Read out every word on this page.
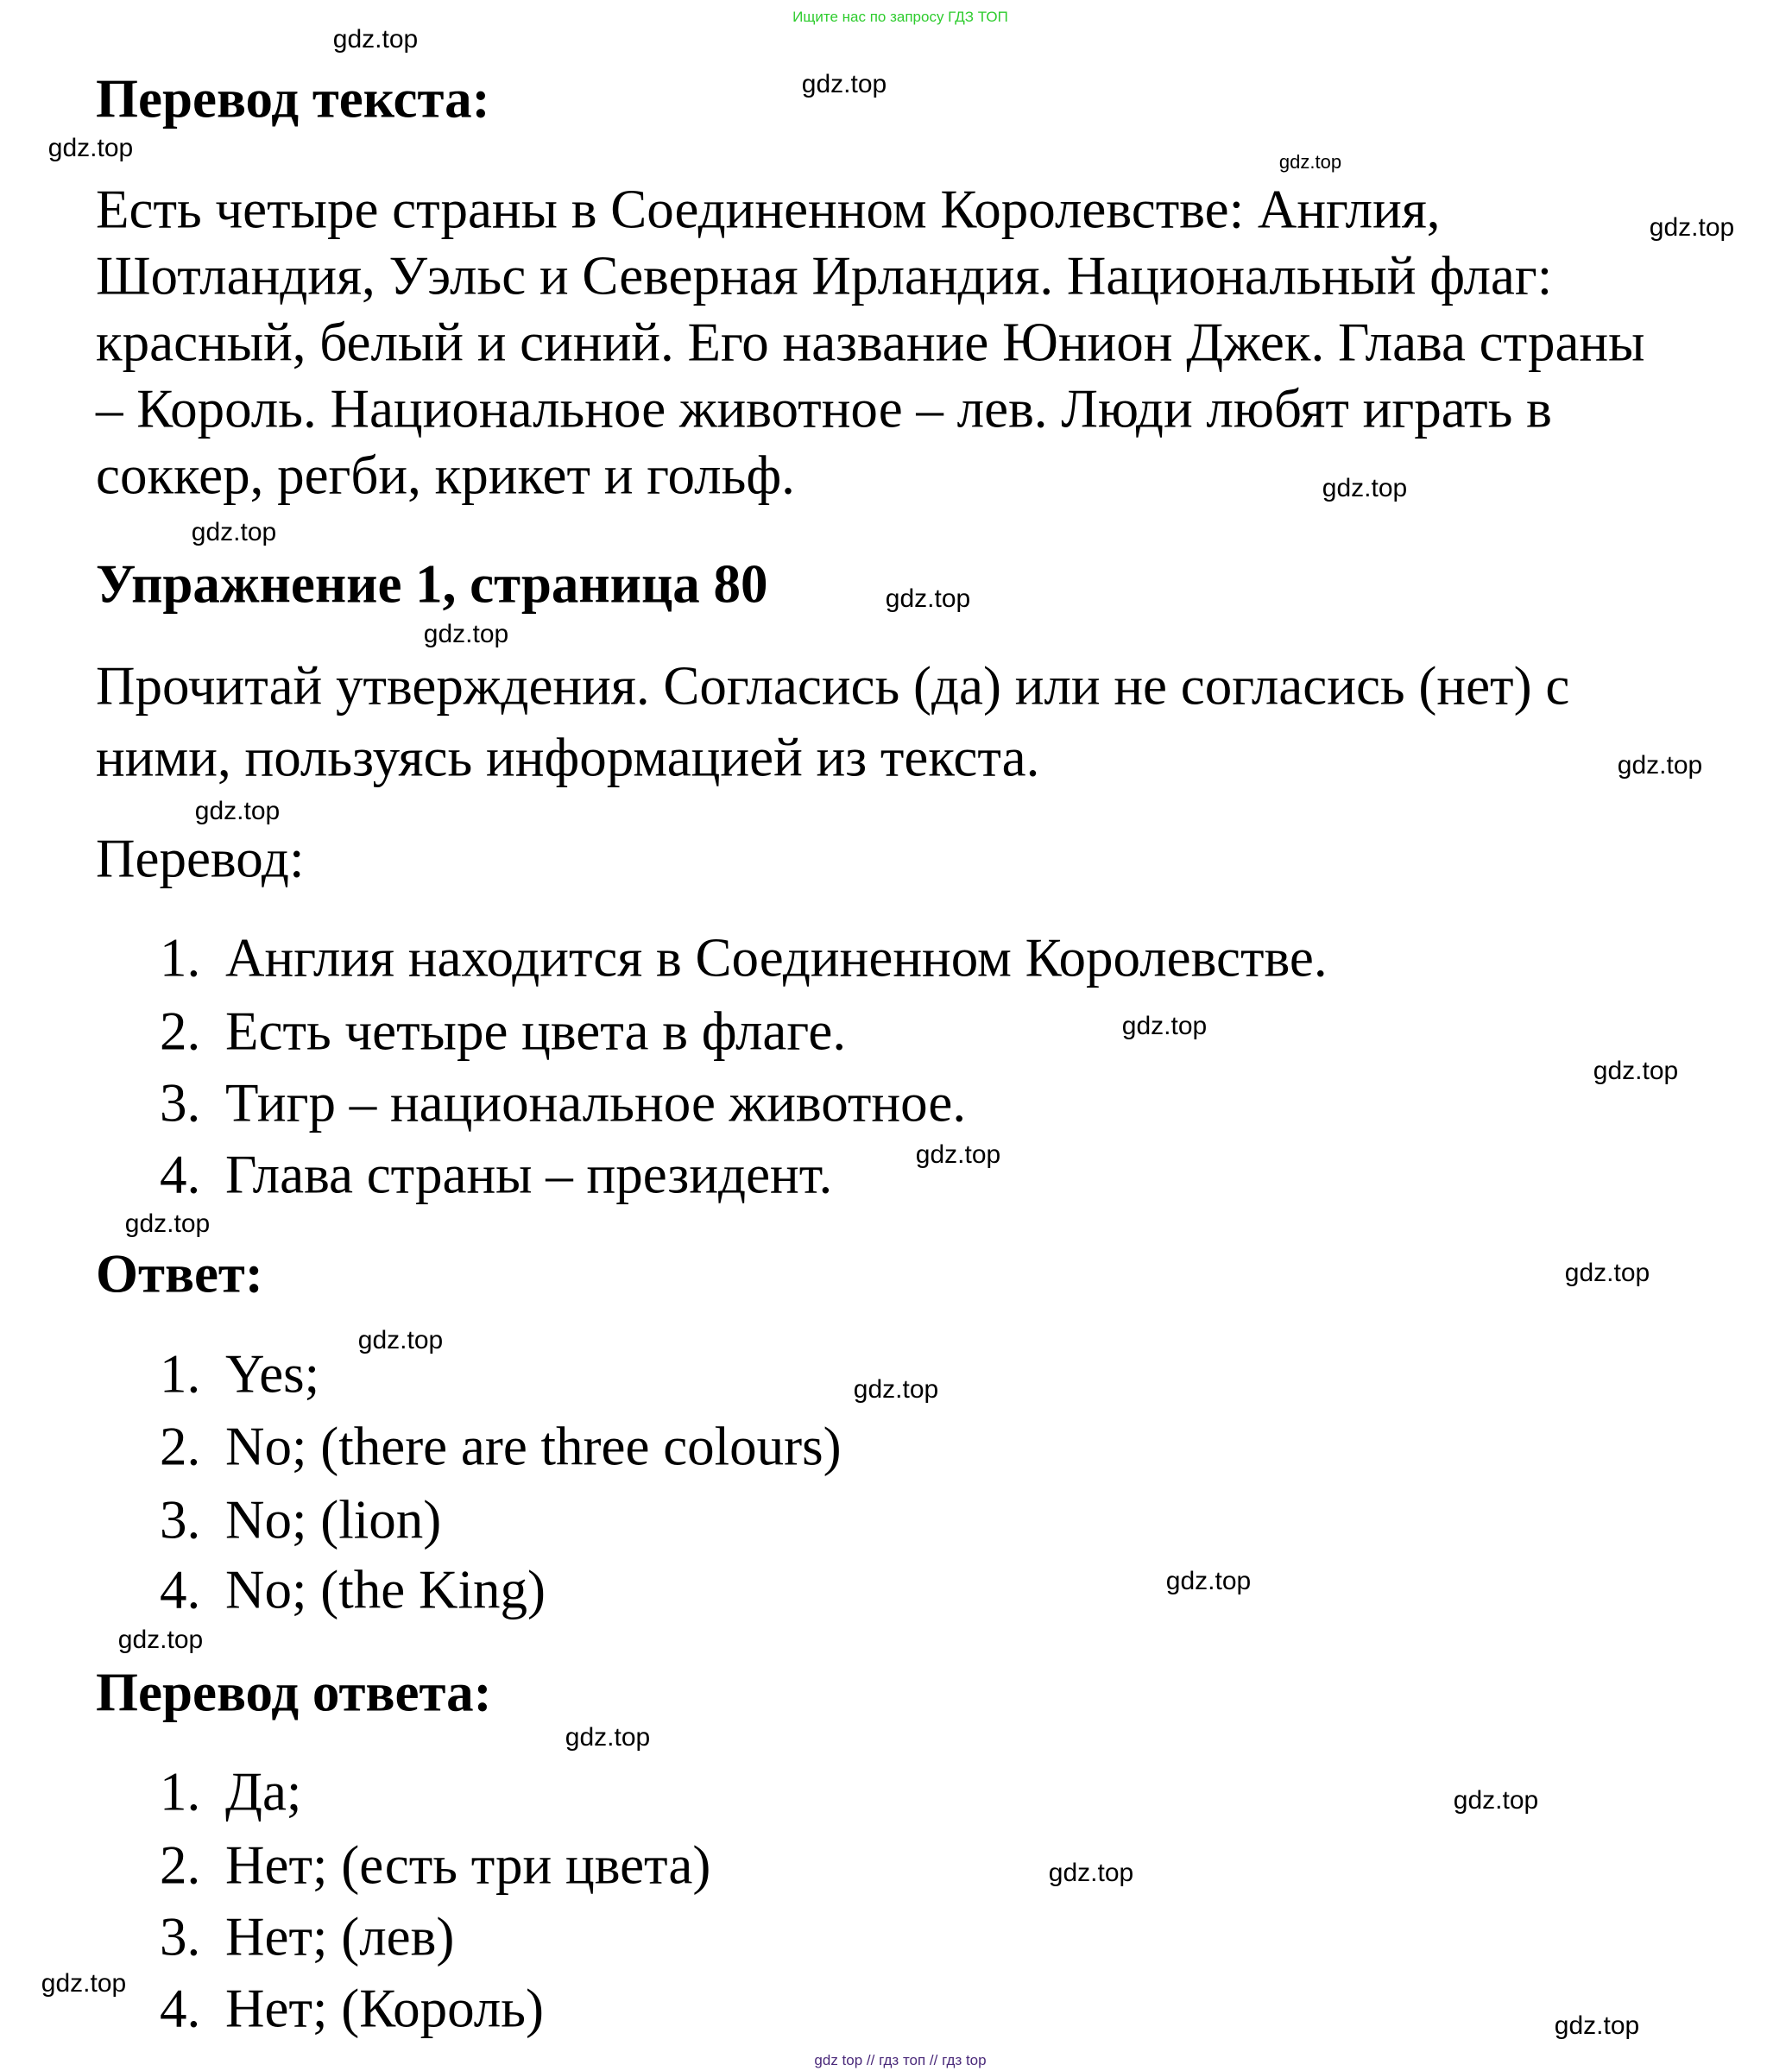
Ищите нас по запросу ГДЗ ТОП
Перевод текста:
Есть четыре страны в Соединенном Королевстве: Англия,
Шотландия, Уэльс и Северная Ирландия. Национальный флаг:
красный, белый и синий. Его название Юнион Джек. Глава страны
– Король. Национальное животное – лев. Люди любят играть в
соккер, регби, крикет и гольф.
Упражнение 1, страница 80
Прочитай утверждения. Согласись (да) или не согласись (нет) с
ними, пользуясь информацией из текста.
Перевод:
1. Англия находится в Соединенном Королевстве.
2. Есть четыре цвета в флаге.
3. Тигр – национальное животное.
4. Глава страны – президент.
Ответ:
1. Yes;
2. No; (there are three colours)
3. No; (lion)
4. No; (the King)
Перевод ответа:
1. Да;
2. Нет; (есть три цвета)
3. Нет; (лев)
4. Нет; (Король)
gdz.top
gdz.top
gdz.top	gdz.top
gdz.top
gdz.top
gdz.top
gdz.top
gdz.top
gdz.top
gdz.top
gdz.top
gdz.top
gdz.top
gdz.top
gdz.top
gdz.top
gdz.top
gdz.top
gdz.top
gdz.top
gdz.top
gdz.top
gdz.top
gdz.top
gdz top // гдз топ // гдз top
